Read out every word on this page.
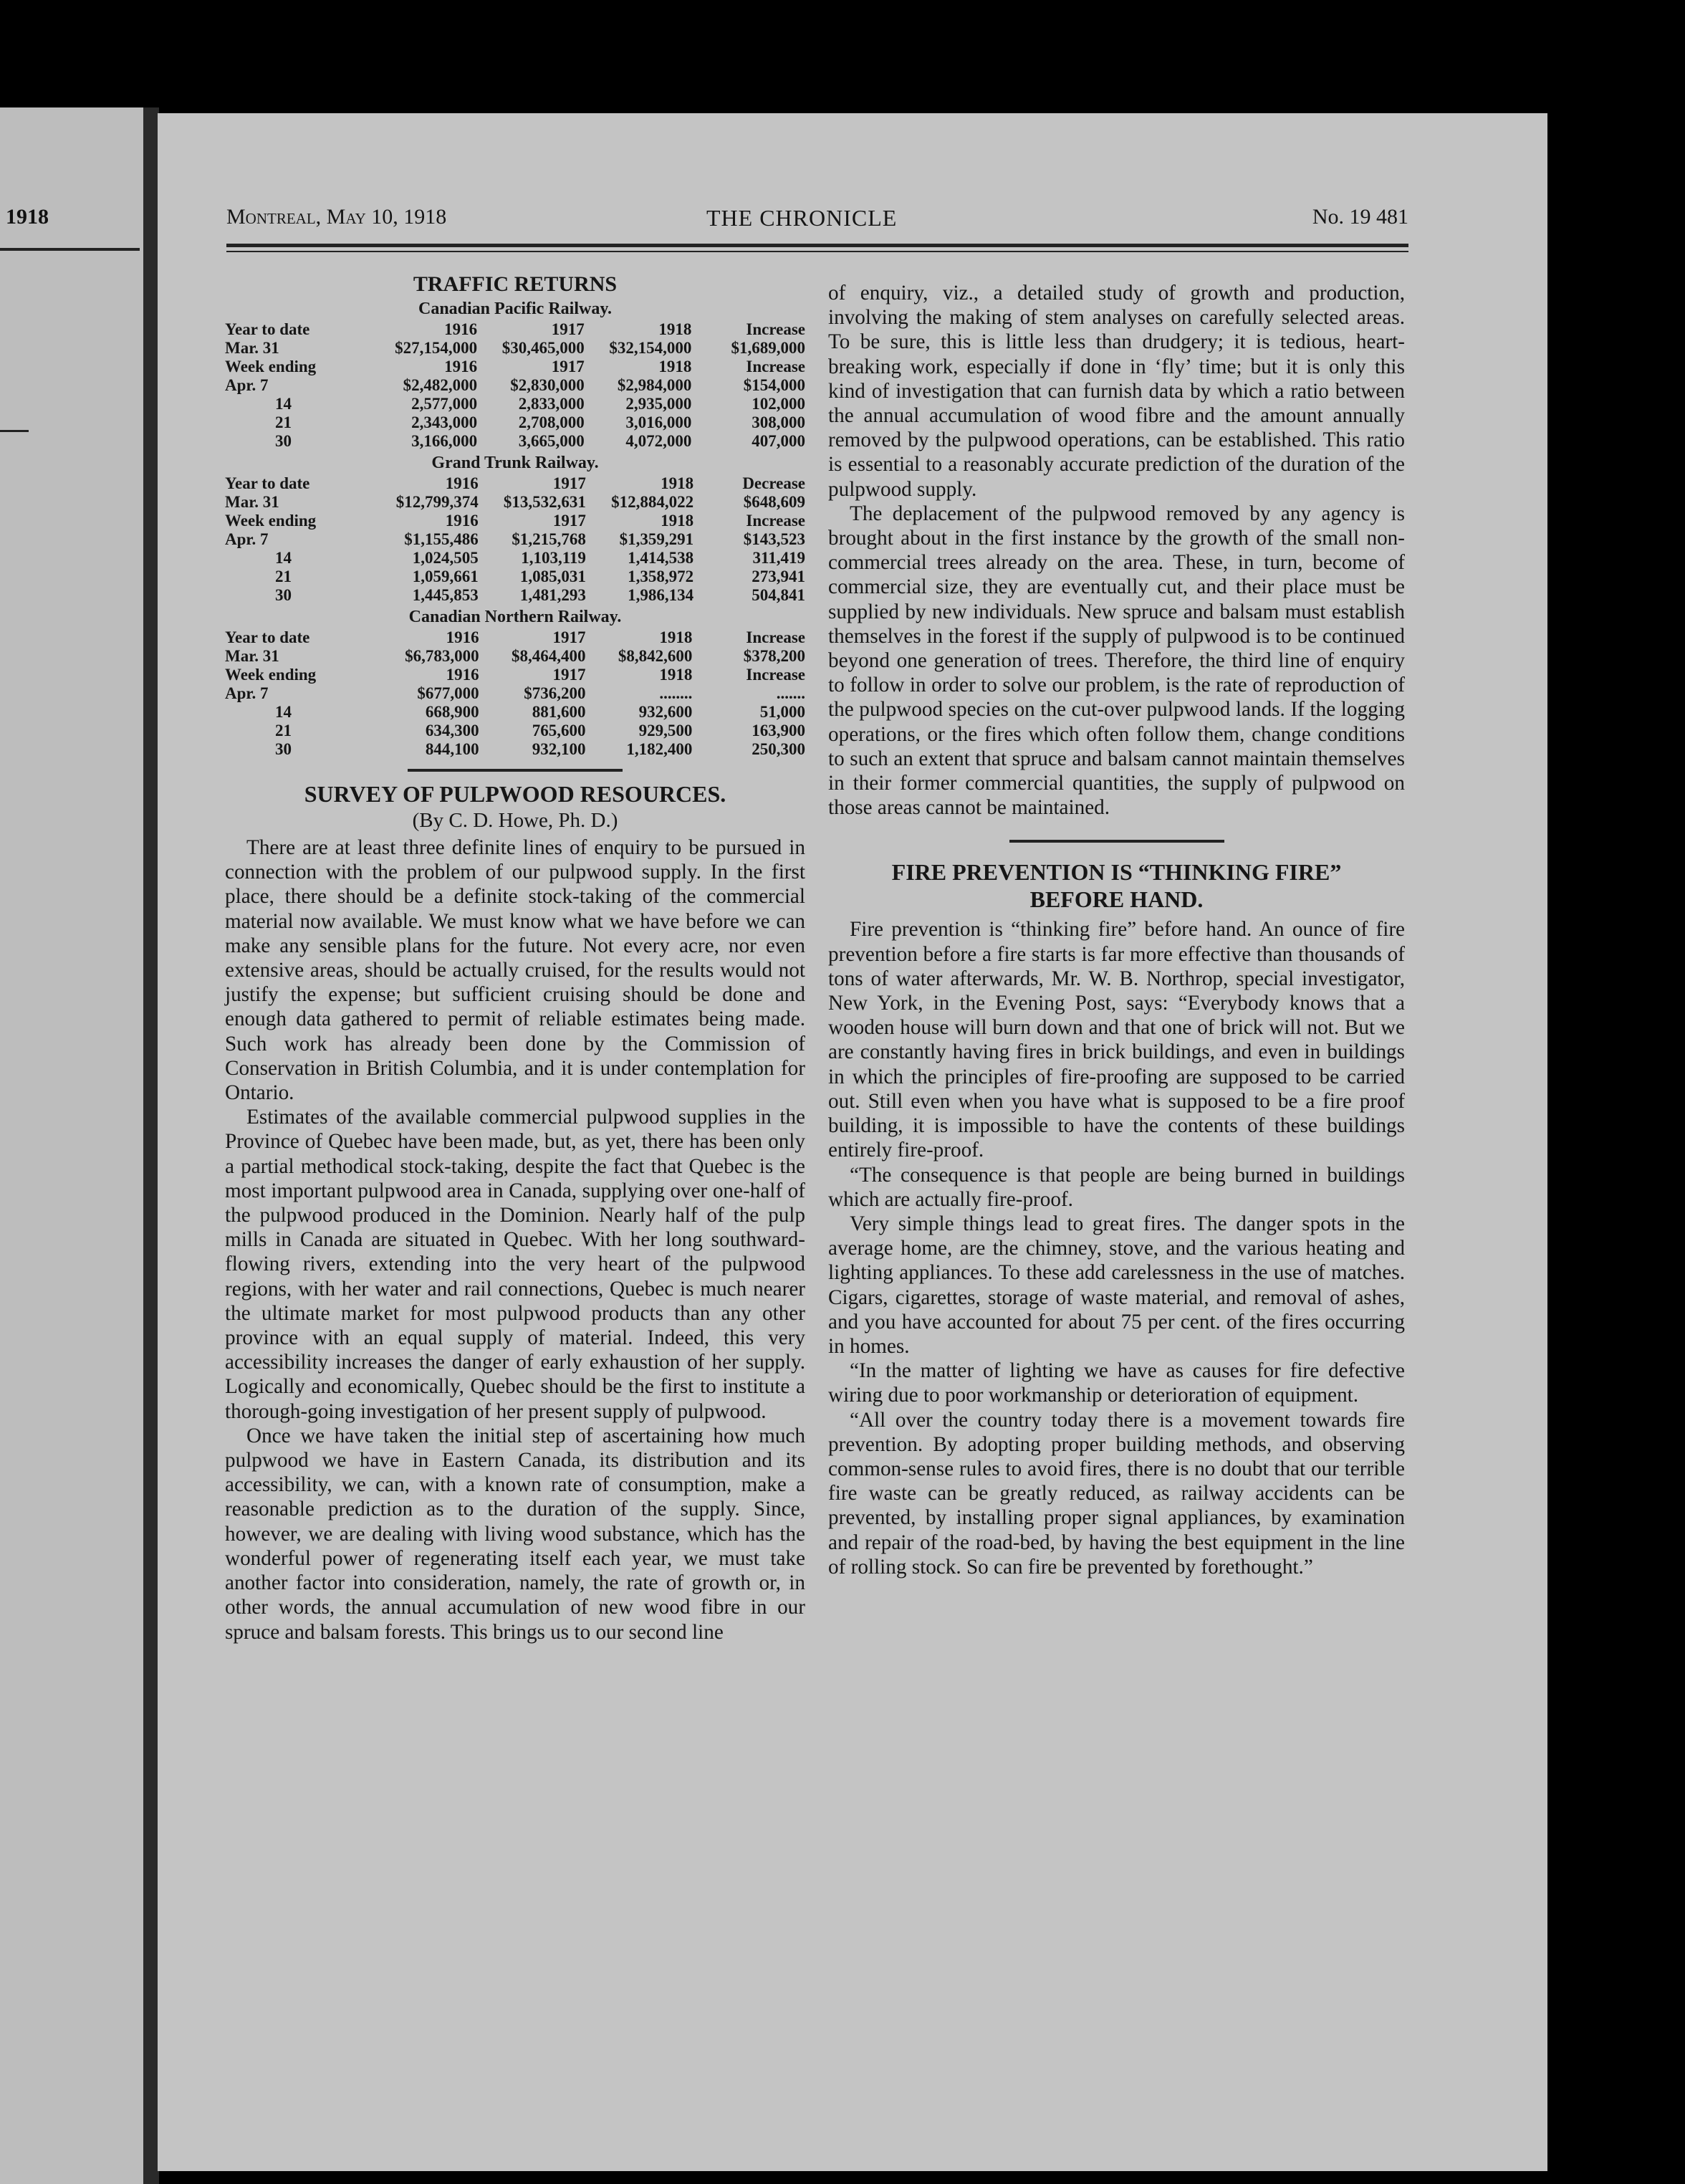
1918	Montreal, May 10, 1918	THE CHRONICLE	No. 19 481
TRAFFIC RETURNS
Canadian Pacific Railway.
Year to date	1916	1917	1918	Increase
Mar. 31	$27,154,000	$30,465,000	$32,154,000	$1,689,000
Week ending	1916	1917	1918	Increase
Apr. 7	$2,482,000	$2,830,000	$2,984,000	$154,000
14	2,577,000	2,833,000	2,935,000	102,000
21	2,343,000	2,708,000	3,016,000	308,000
30	3,166,000	3,665,000	4,072,000	407,000
Grand Trunk Railway.
Year to date	1916	1917	1918	Decrease
Mar. 31	$12,799,374	$13,532,631	$12,884,022	$648,609
Week ending	1916	1917	1918	Increase
Apr. 7	$1,155,486	$1,215,768	$1,359,291	$143,523
14	1,024,505	1,103,119	1,414,538	311,419
21	1,059,661	1,085,031	1,358,972	273,941
30	1,445,853	1,481,293	1,986,134	504,841
Canadian Northern Railway.
Year to date	1916	1917	1918	Increase
Mar. 31	$6,783,000	$8,464,400	$8,842,600	$378,200
Week ending	1916	1917	1918	Increase
Apr. 7	$677,000	$736,200	........	.......
14	668,900	881,600	932,600	51,000
21	634,300	765,600	929,500	163,900
30	844,100	932,100	1,182,400	250,300
SURVEY OF PULPWOOD RESOURCES.
(By C. D. Howe, Ph. D.)

There are at least three definite lines of enquiry to be pursued in connection with the problem of our pulpwood supply. In the first place, there should be a definite stock-taking of the commercial material now available. We must know what we have before we can make any sensible plans for the future. Not every acre, nor even extensive areas, should be actually cruised, for the results would not justify the expense; but sufficient cruising should be done and enough data gathered to permit of reliable estimates being made. Such work has already been done by the Commission of Conservation in British Columbia, and it is under contemplation for Ontario.

Estimates of the available commercial pulpwood supplies in the Province of Quebec have been made, but, as yet, there has been only a partial methodical stock-taking, despite the fact that Quebec is the most important pulpwood area in Canada, supplying over one-half of the pulpwood produced in the Dominion. Nearly half of the pulp mills in Canada are situated in Quebec. With her long southward-flowing rivers, extending into the very heart of the pulpwood regions, with her water and rail connections, Quebec is much nearer the ultimate market for most pulpwood products than any other province with an equal supply of material. Indeed, this very accessibility increases the danger of early exhaustion of her supply. Logically and economically, Quebec should be the first to institute a thorough-going investigation of her present supply of pulpwood.

Once we have taken the initial step of ascertaining how much pulpwood we have in Eastern Canada, its distribution and its accessibility, we can, with a known rate of consumption, make a reasonable prediction as to the duration of the supply. Since, however, we are dealing with living wood substance, which has the wonderful power of regenerating itself each year, we must take another factor into consideration, namely, the rate of growth or, in other words, the annual accumulation of new wood fibre in our spruce and balsam forests. This brings us to our second line

of enquiry, viz., a detailed study of growth and production, involving the making of stem analyses on carefully selected areas. To be sure, this is little less than drudgery; it is tedious, heart-breaking work, especially if done in ‘fly’ time; but it is only this kind of investigation that can furnish data by which a ratio between the annual accumulation of wood fibre and the amount annually removed by the pulpwood operations, can be established. This ratio is essential to a reasonably accurate prediction of the duration of the pulpwood supply.

The deplacement of the pulpwood removed by any agency is brought about in the first instance by the growth of the small non-commercial trees already on the area. These, in turn, become of commercial size, they are eventually cut, and their place must be supplied by new individuals. New spruce and balsam must establish themselves in the forest if the supply of pulpwood is to be continued beyond one generation of trees. Therefore, the third line of enquiry to follow in order to solve our problem, is the rate of reproduction of the pulpwood species on the cut-over pulpwood lands. If the logging operations, or the fires which often follow them, change conditions to such an extent that spruce and balsam cannot maintain themselves in their former commercial quantities, the supply of pulpwood on those areas cannot be maintained.

FIRE PREVENTION IS “THINKING FIRE”
BEFORE HAND.

Fire prevention is “thinking fire” before hand. An ounce of fire prevention before a fire starts is far more effective than thousands of tons of water afterwards, Mr. W. B. Northrop, special investigator, New York, in the Evening Post, says: “Everybody knows that a wooden house will burn down and that one of brick will not. But we are constantly having fires in brick buildings, and even in buildings in which the principles of fire-proofing are supposed to be carried out. Still even when you have what is supposed to be a fire proof building, it is impossible to have the contents of these buildings entirely fire-proof.

“The consequence is that people are being burned in buildings which are actually fire-proof.

Very simple things lead to great fires. The danger spots in the average home, are the chimney, stove, and the various heating and lighting appliances. To these add carelessness in the use of matches. Cigars, cigarettes, storage of waste material, and removal of ashes, and you have accounted for about 75 per cent. of the fires occurring in homes.

“In the matter of lighting we have as causes for fire defective wiring due to poor workmanship or deterioration of equipment.

“All over the country today there is a movement towards fire prevention. By adopting proper building methods, and observing common-sense rules to avoid fires, there is no doubt that our terrible fire waste can be greatly reduced, as railway accidents can be prevented, by installing proper signal appliances, by examination and repair of the road-bed, by having the best equipment in the line of rolling stock. So can fire be prevented by forethought.”
